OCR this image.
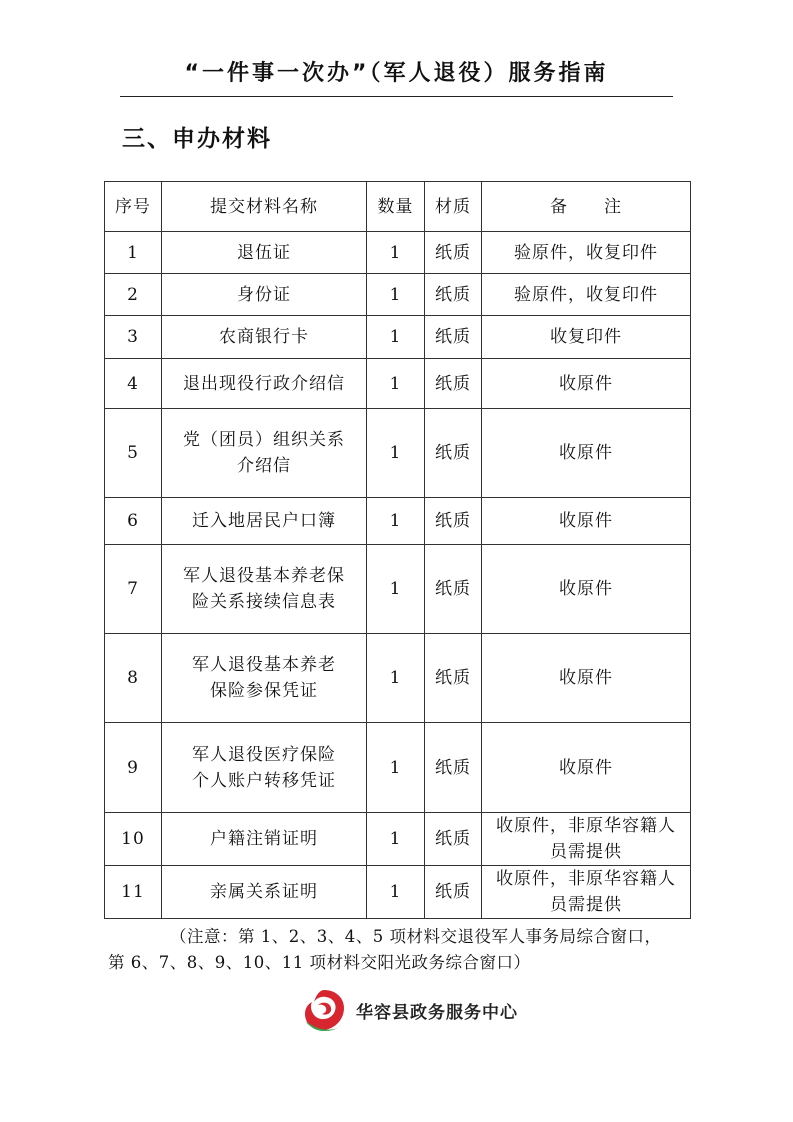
“一件事一次办”（军人退役）服务指南
三、申办材料
序号	提交材料名称	数量	材质	备　　注
1	退伍证	1	纸质	验原件，收复印件
2	身份证	1	纸质	验原件，收复印件
3	农商银行卡	1	纸质	收复印件
4	退出现役行政介绍信	1	纸质	收原件
5	党（团员）组织关系介绍信	1	纸质	收原件
6	迁入地居民户口簿	1	纸质	收原件
7	军人退役基本养老保险关系接续信息表	1	纸质	收原件
8	军人退役基本养老保险参保凭证	1	纸质	收原件
9	军人退役医疗保险个人账户转移凭证	1	纸质	收原件
10	户籍注销证明	1	纸质	收原件，非原华容籍人员需提供
11	亲属关系证明	1	纸质	收原件，非原华容籍人员需提供
（注意：第 1、2、3、4、5 项材料交退役军人事务局综合窗口，
第 6、7、8、9、10、11 项材料交阳光政务综合窗口）
华容县政务服务中心
